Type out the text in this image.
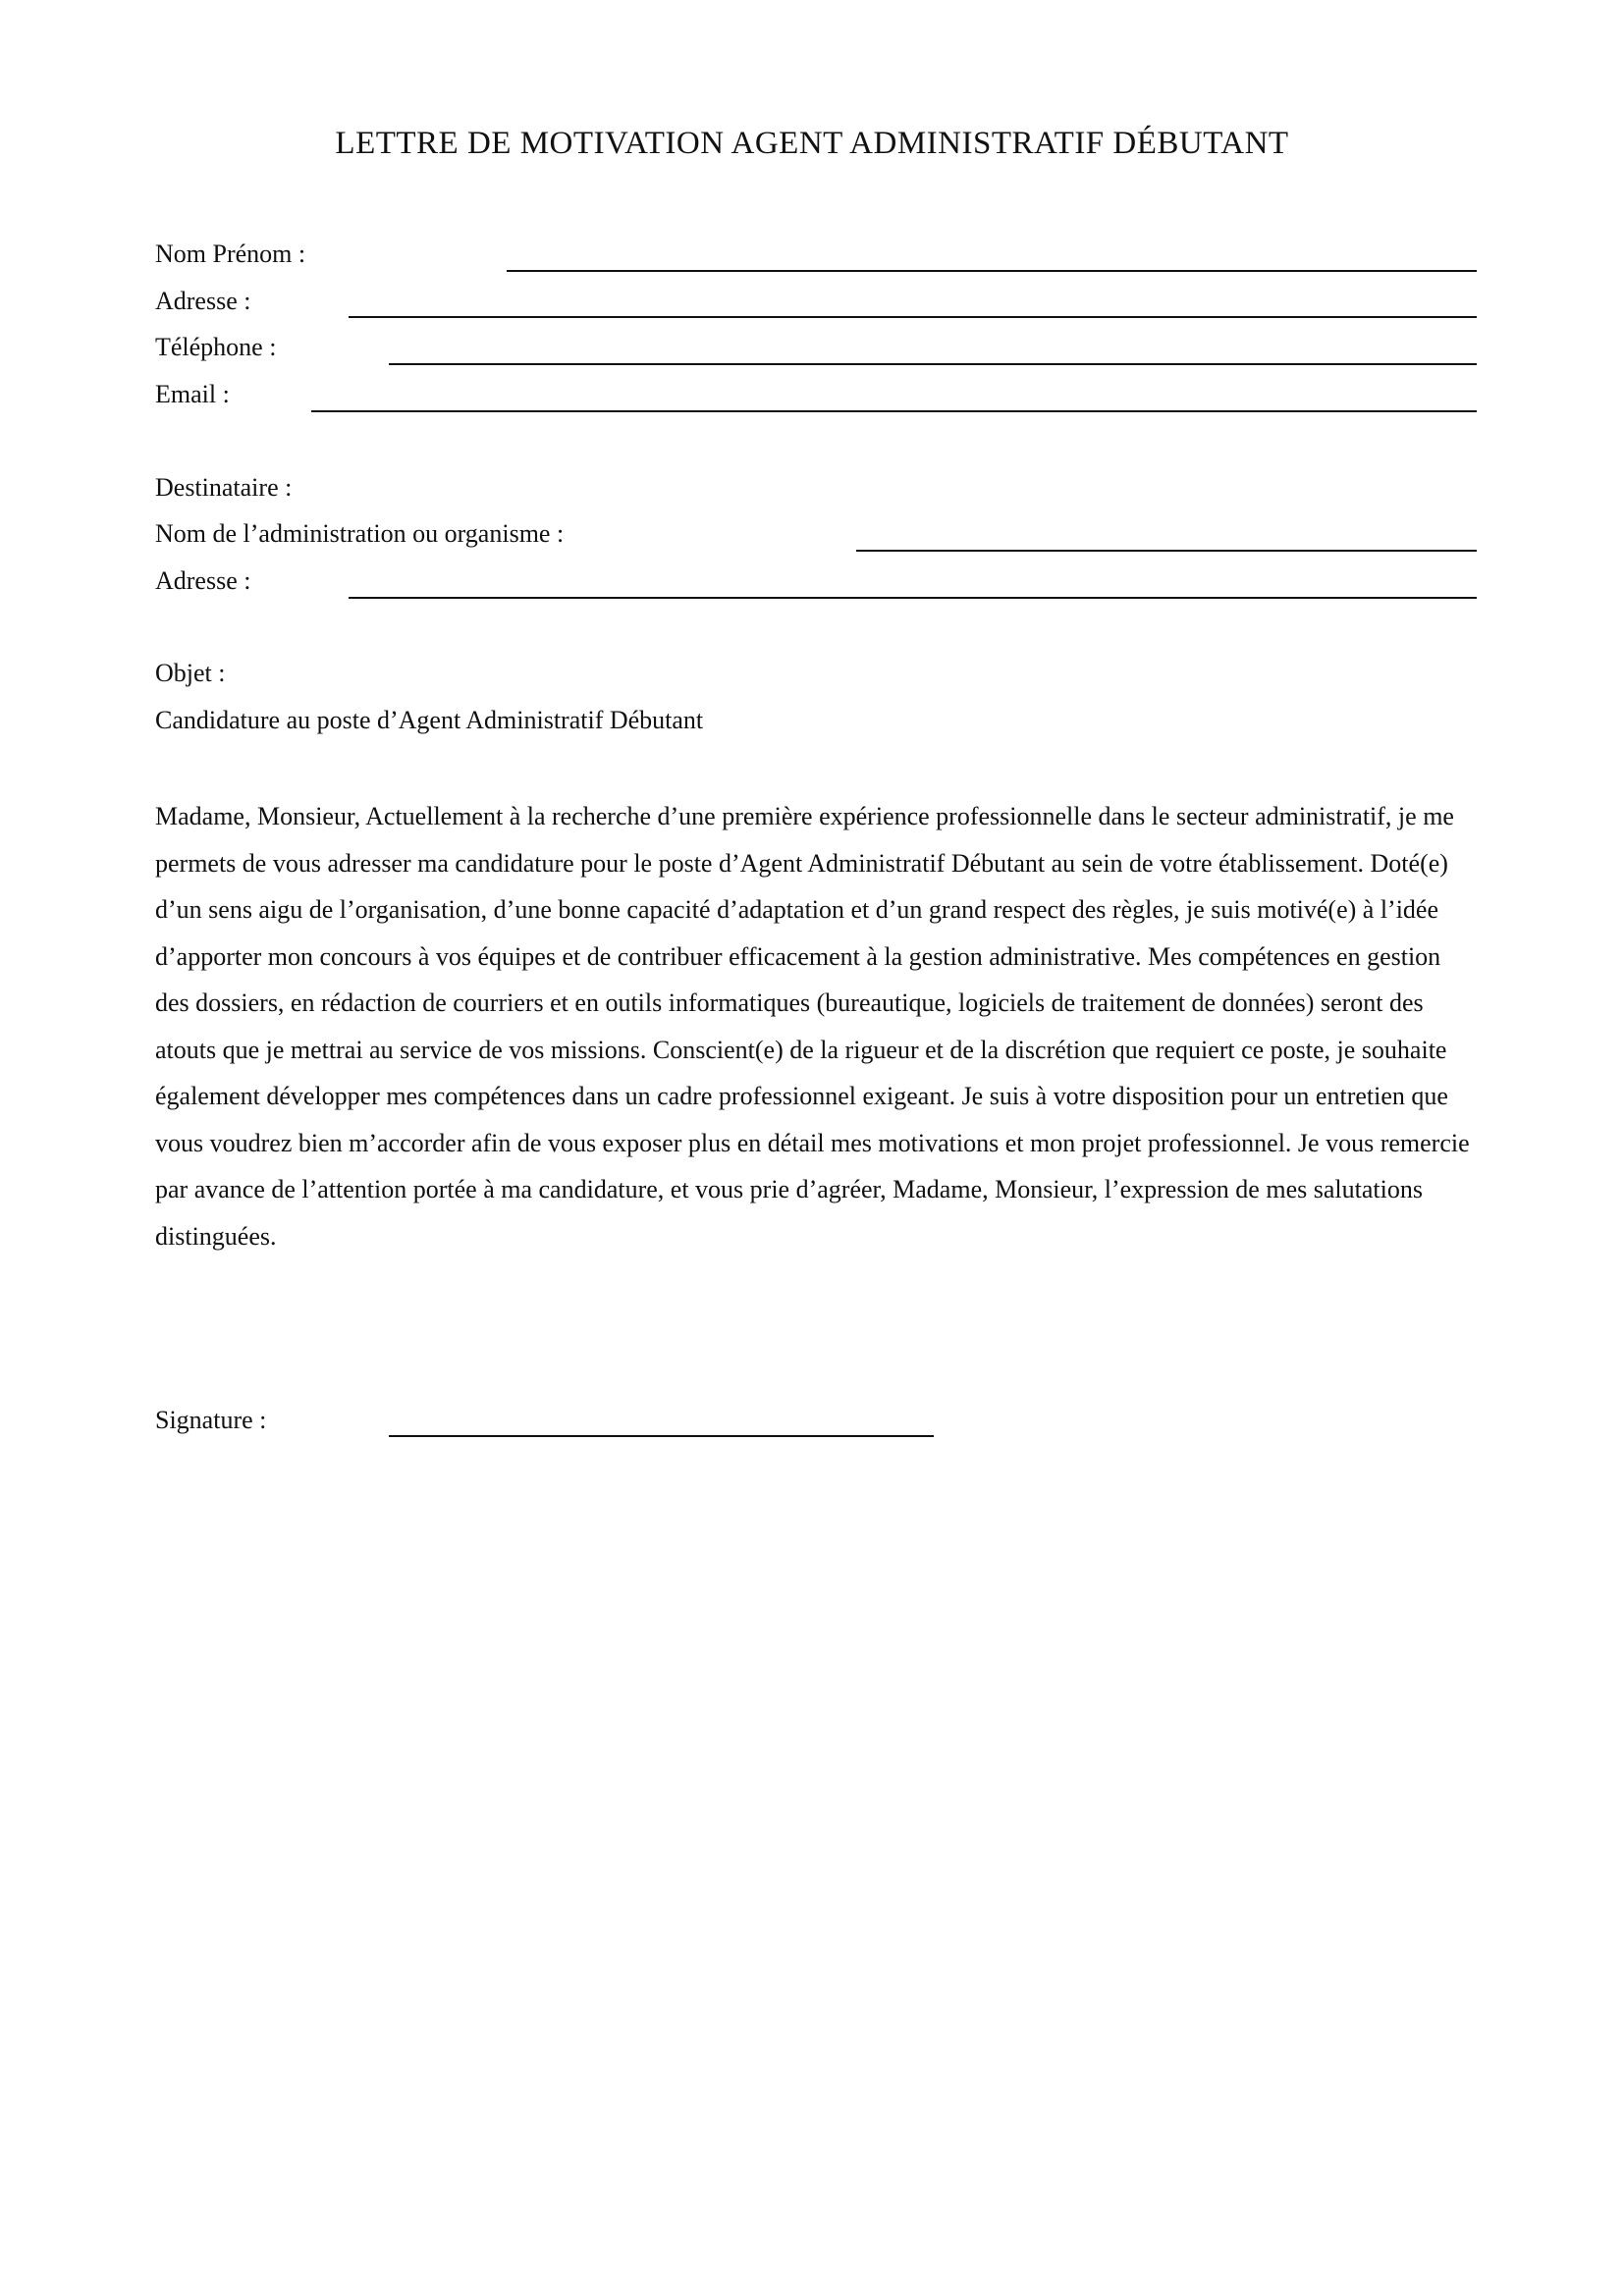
LETTRE DE MOTIVATION AGENT ADMINISTRATIF DÉBUTANT
Nom Prénom :
Adresse :
Téléphone :
Email :
Destinataire :
Nom de l’administration ou organisme :
Adresse :
Objet :
Candidature au poste d’Agent Administratif Débutant
Madame, Monsieur, Actuellement à la recherche d’une première expérience professionnelle dans le secteur administratif, je me permets de vous adresser ma candidature pour le poste d’Agent Administratif Débutant au sein de votre établissement. Doté(e) d’un sens aigu de l’organisation, d’une bonne capacité d’adaptation et d’un grand respect des règles, je suis motivé(e) à l’idée d’apporter mon concours à vos équipes et de contribuer efficacement à la gestion administrative. Mes compétences en gestion des dossiers, en rédaction de courriers et en outils informatiques (bureautique, logiciels de traitement de données) seront des atouts que je mettrai au service de vos missions. Conscient(e) de la rigueur et de la discrétion que requiert ce poste, je souhaite également développer mes compétences dans un cadre professionnel exigeant. Je suis à votre disposition pour un entretien que vous voudrez bien m’accorder afin de vous exposer plus en détail mes motivations et mon projet professionnel. Je vous remercie par avance de l’attention portée à ma candidature, et vous prie d’agréer, Madame, Monsieur, l’expression de mes salutations distinguées.
Signature :
